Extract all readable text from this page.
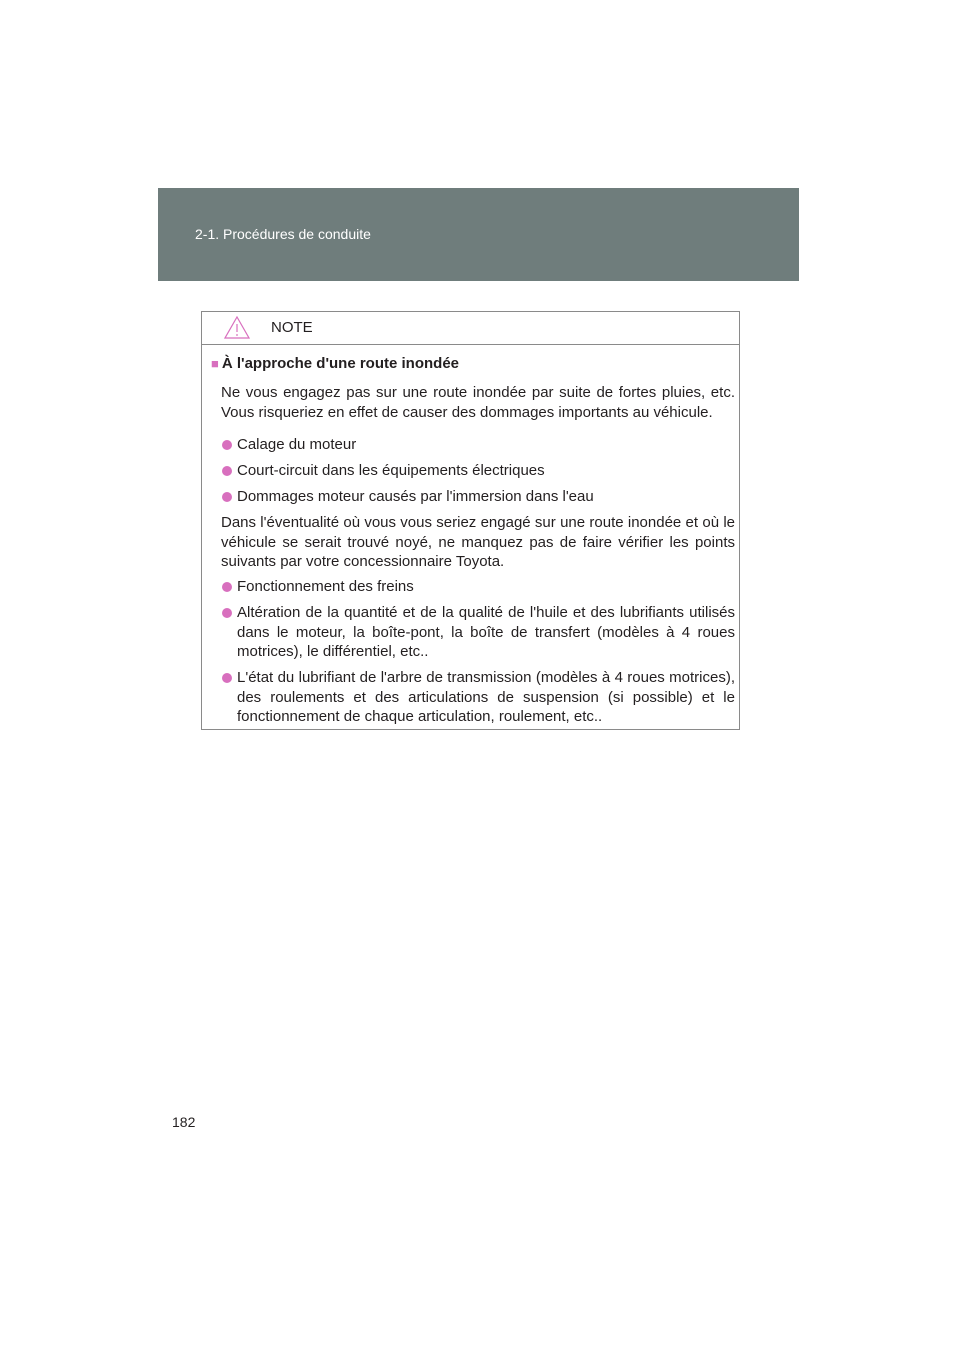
2-1. Procédures de conduite
NOTE
■ À l'approche d'une route inondée
Ne vous engagez pas sur une route inondée par suite de fortes pluies, etc. Vous risqueriez en effet de causer des dommages importants au véhicule.
Calage du moteur
Court-circuit dans les équipements électriques
Dommages moteur causés par l'immersion dans l'eau
Dans l'éventualité où vous vous seriez engagé sur une route inondée et où le véhicule se serait trouvé noyé, ne manquez pas de faire vérifier les points suivants par votre concessionnaire Toyota.
Fonctionnement des freins
Altération de la quantité et de la qualité de l'huile et des lubrifiants utilisés dans le moteur, la boîte-pont, la boîte de transfert (modèles à 4 roues motrices), le différentiel, etc..
L'état du lubrifiant de l'arbre de transmission (modèles à 4 roues motrices), des roulements et des articulations de suspension (si possible) et le fonctionnement de chaque articulation, roulement, etc..
182
